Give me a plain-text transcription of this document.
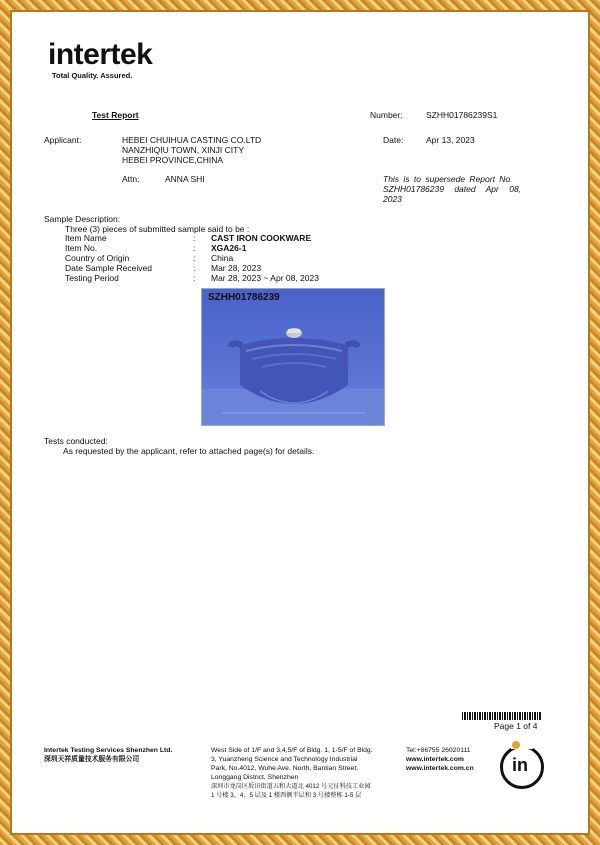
intertek
Total Quality. Assured.
Test Report	Number:	SZHH01786239S1
Applicant:	HEBEI CHUIHUA CASTING CO.LTD
NANZHIQIU TOWN, XINJI CITY
HEBEI PROVINCE,CHINA
Date:	Apr 13, 2023
Attn:	ANNA SHI	This is to supersede Report No.
SZHH01786239 dated Apr 08,
2023
Sample Description:
Three (3) pieces of submitted sample said to be :
Item Name	: CAST IRON COOKWARE
Item No.	: XGA26-1
Country of Origin	: China
Date Sample Received	: Mar 28, 2023
Testing Period	: Mar 28, 2023 ~ Apr 08, 2023
SZHH01786239
Tests conducted:
As requested by the applicant, refer to attached page(s) for details.
Page 1 of 4
Intertek Testing Services Shenzhen Ltd.
深圳天祥质量技术服务有限公司
West Side of 1/F and 3,4,5/F of Bldg. 1, 1-5/F of Bldg.
3, Yuanzheng Science and Technology Industrial
Park, No.4012, Wuhe Ave. North, Bantian Street,
Longgang District, Shenzhen
深圳市龙岗区坂田街道五和大道北 4012 号元征科技工业园
1 号楼 3、4、5 层及 1 楼西侧半层和 3 号楼整栋 1-5 层
Tel:+86755 26020111
www.intertek.com
www.intertek.com.cn in
